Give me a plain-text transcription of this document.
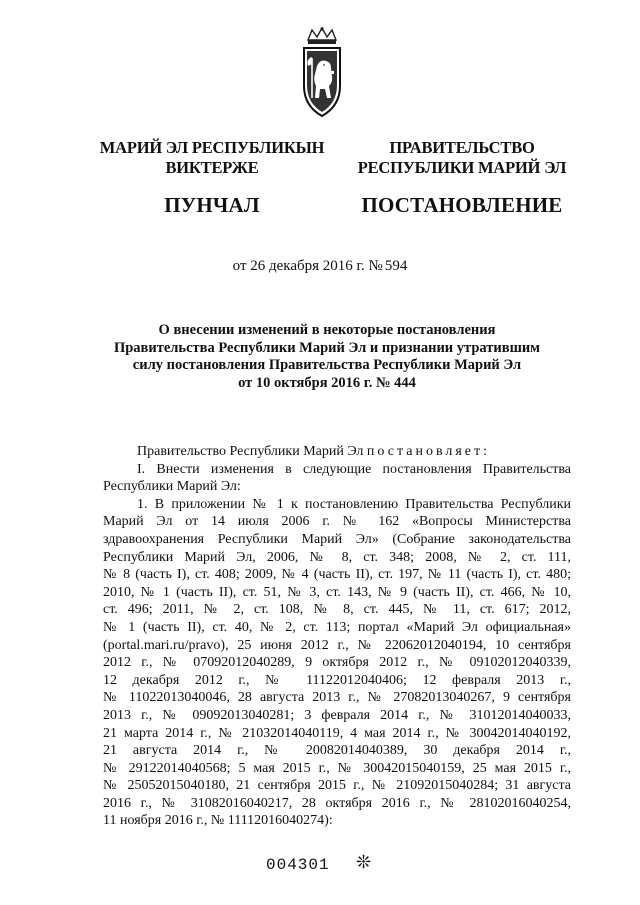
МАРИЙ ЭЛ РЕСПУБЛИКЫН
ВИКТЕРЖЕ
ПУНЧАЛ
ПРАВИТЕЛЬСТВО
РЕСПУБЛИКИ МАРИЙ ЭЛ
ПОСТАНОВЛЕНИЕ
от 26 декабря 2016 г. № 594
О внесении изменений в некоторые постановления
Правительства Республики Марий Эл и признании утратившим
силу постановления Правительства Республики Марий Эл
от 10 октября 2016 г. № 444
Правительство Республики Марий Эл постановляет:
I. Внести изменения в следующие постановления Правительства
Республики Марий Эл:
1. В приложении № 1 к постановлению Правительства Республики
Марий Эл от 14 июля 2006 г. № 162 «Вопросы Министерства
здравоохранения Республики Марий Эл» (Собрание законодательства
Республики Марий Эл, 2006, № 8, ст. 348; 2008, № 2, ст. 111,
№ 8 (часть I), ст. 408; 2009, № 4 (часть II), ст. 197, № 11 (часть I), ст. 480;
2010, № 1 (часть II), ст. 51, № 3, ст. 143, № 9 (часть II), ст. 466, № 10,
ст. 496; 2011, № 2, ст. 108, № 8, ст. 445, № 11, ст. 617; 2012,
№ 1 (часть II), ст. 40, № 2, ст. 113; портал «Марий Эл официальная»
(portal.mari.ru/pravo), 25 июня 2012 г., № 22062012040194, 10 сентября
2012 г., № 07092012040289, 9 октября 2012 г., № 09102012040339,
12 декабря 2012 г., № 11122012040406; 12 февраля 2013 г.,
№ 11022013040046, 28 августа 2013 г., № 27082013040267, 9 сентября
2013 г., № 09092013040281; 3 февраля 2014 г., № 31012014040033,
21 марта 2014 г., № 21032014040119, 4 мая 2014 г., № 30042014040192,
21 августа 2014 г., № 20082014040389, 30 декабря 2014 г.,
№ 29122014040568; 5 мая 2015 г., № 30042015040159, 25 мая 2015 г.,
№ 25052015040180, 21 сентября 2015 г., № 21092015040284; 31 августа
2016 г., № 31082016040217, 28 октября 2016 г., № 28102016040254,
11 ноября 2016 г., № 11112016040274):
004301 ❊
